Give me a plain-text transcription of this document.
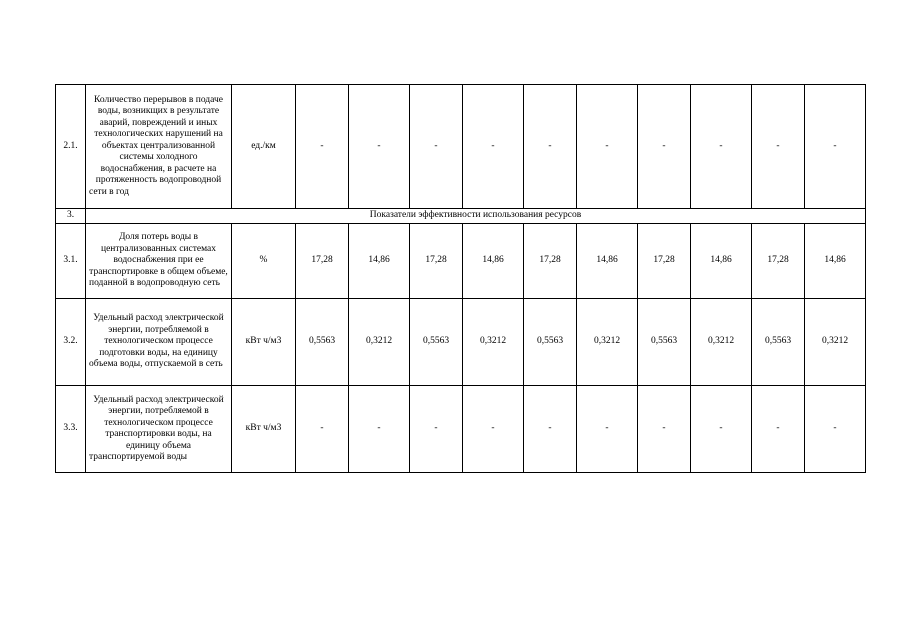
2.1.	Количество перерывов в подаче воды, возникщих в результате аварий, повреждений и иных технологических нарушений на объектах централизованной системы холодного водоснабжения, в расчете на протяженность водопроводной сети в год	ед./км	-	-	-	-	-	-	-	-	-	-
3.	Показатели эффективности использования ресурсов											
3.1.	Доля потерь воды в централизованных системах водоснабжения при ее транспортировке в общем объеме, поданной в водопроводную сеть	%	17,28	14,86	17,28	14,86	17,28	14,86	17,28	14,86	17,28	14,86
3.2.	Удельный расход электрической энергии, потребляемой в технологическом процессе подготовки воды, на единицу объема воды, отпускаемой в сеть	кВт ч/м3	0,5563	0,3212	0,5563	0,3212	0,5563	0,3212	0,5563	0,3212	0,5563	0,3212
3.3.	Удельный расход электрической энергии, потребляемой в технологическом процессе транспортировки воды, на единицу объема транспортируемой воды	кВт ч/м3	-	-	-	-	-	-	-	-	-	-
